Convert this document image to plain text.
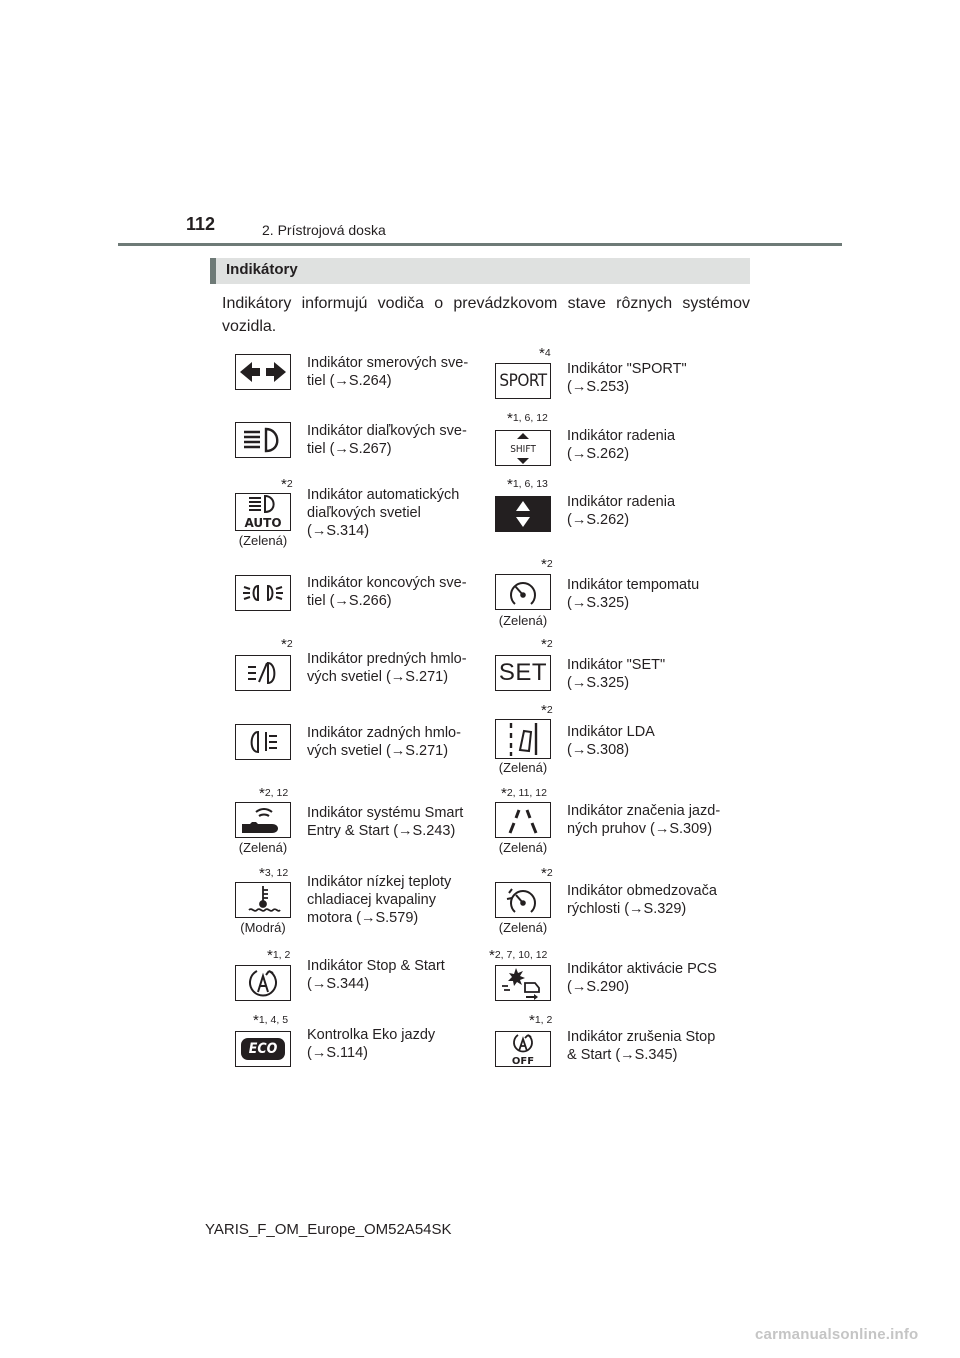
112	2. Prístrojová doska
Indikátory
Indikátory informujú vodiča o prevádzkovom stave rôznych systémov vozidla.
Indikátor smerových sve-
tiel (→S.264)
*4
SPORT
Indikátor "SPORT"
(→S.253)
Indikátor diaľkových sve-
tiel (→S.267)
*1, 6, 12
SHIFT
Indikátor radenia
(→S.262)
*2
AUTO
(Zelená)
Indikátor automatických
diaľkových svetiel
(→S.314)
*1, 6, 13
Indikátor radenia
(→S.262)
Indikátor koncových sve-
tiel (→S.266)
*2
(Zelená)
Indikátor tempomatu
(→S.325)
*2
Indikátor predných hmlo-
vých svetiel (→S.271)
*2
SET Indikátor "SET"
(→S.325)
Indikátor zadných hmlo-
vých svetiel (→S.271)
*2
(Zelená)
Indikátor LDA
(→S.308)
*2, 12
(Zelená)
Indikátor systému Smart
Entry & Start (→S.243)
*2, 11, 12
(Zelená)
Indikátor značenia jazd-
ných pruhov (→S.309)
*3, 12
(Modrá)
Indikátor nízkej teploty
chladiacej kvapaliny
motora (→S.579)
*2
(Zelená)
Indikátor obmedzovača
rýchlosti (→S.329)
*1, 2
Indikátor Stop & Start
(→S.344)
*2, 7, 10, 12
Indikátor aktivácie PCS
(→S.290)
*1, 4, 5
ECO
Kontrolka Eko jazdy
(→S.114)
*1, 2
OFF
Indikátor zrušenia Stop
& Start (→S.345)
YARIS_F_OM_Europe_OM52A54SK
carmanualsonline.info
